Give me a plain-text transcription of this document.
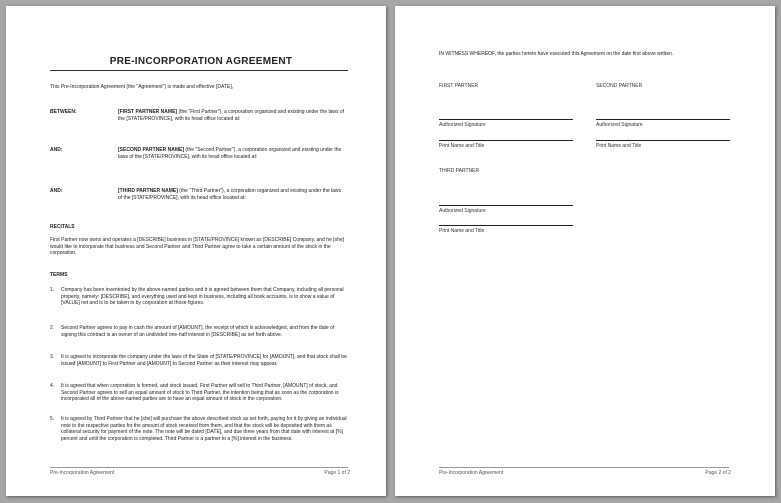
PRE-INCORPORATION AGREEMENT
This Pre-Incorporation Agreement (the "Agreement") is made and effective [DATE],
BETWEEN:	[FIRST PARTNER NAME] (the "First Partner"), a corporation organized and existing under the laws of the [STATE/PROVINCE], with its head office located at:
AND:	[SECOND PARTNER NAME] (the "Second Partner"), a corporation organized and existing under the laws of the [STATE/PROVINCE], with its head office located at:
AND:	[THIRD PARTNER NAME] (the "Third Partner"), a corporation organized and existing under the laws of the [STATE/PROVINCE], with its head office located at:
RECITALS
First Partner now owns and operates a [DESCRIBE] business in [STATE/PROVINCE] known as [DESCRIBE] Company, and he [she] would like to incorporate that business and Second Partner and Third Partner agree to take a certain amount of the stock in the corporation.
TERMS
1. Company has been inventoried by the above-named parties and it is agreed between them that Company, including all personal property, namely: [DESCRIBE], and everything used and kept in business, including all book accounts, is to show a value of [VALUE] net and is to be taken in by corporation at those figures.
2. Second Partner agrees to pay in cash the amount of [AMOUNT], the receipt of which is acknowledged, and from the date of signing this contract is an owner of an undivided one-half interest in [DESCRIBE] as set forth above.
3. It is agreed to incorporate the company under the laws of the State of [STATE/PROVINCE] for [AMOUNT], and that stock shall be issued [AMOUNT] to First Partner and [AMOUNT] to Second Partner as their interest may appear.
4. It is agreed that when corporation is formed, and stock issued, First Partner will sell to Third Partner, [AMOUNT] of stock, and Second Partner agrees to sell an equal amount of stock to Third Partner, the intention being that as soon as the corporation is incorporated all of the above-named parties are to have an equal amount of stock in the corporation.
5. It is agreed by Third Partner that he [she] will purchase the above described stock as set forth, paying for it by giving an individual note to the respective parties for the amount of stock received from them, and that the stock will be deposited with them as collateral security for payment of the note. The note will be dated [DATE], and due three years from that date with interest at [%] percent and until the corporation is completed. Third Partner is a partner to a [%] interest in the business.
Pre-Incorporation Agreement	Page 1 of 2
IN WITNESS WHEREOF, the parties hereto have executed this Agreement on the date first above written.
FIRST PARTNER	SECOND PARTNER
Authorized Signature
Print Name and Title
Authorized Signature
Print Name and Title
THIRD PARTNER
Authorized Signature
Print Name and Title
Pre-Incorporation Agreement	Page 2 of 2
